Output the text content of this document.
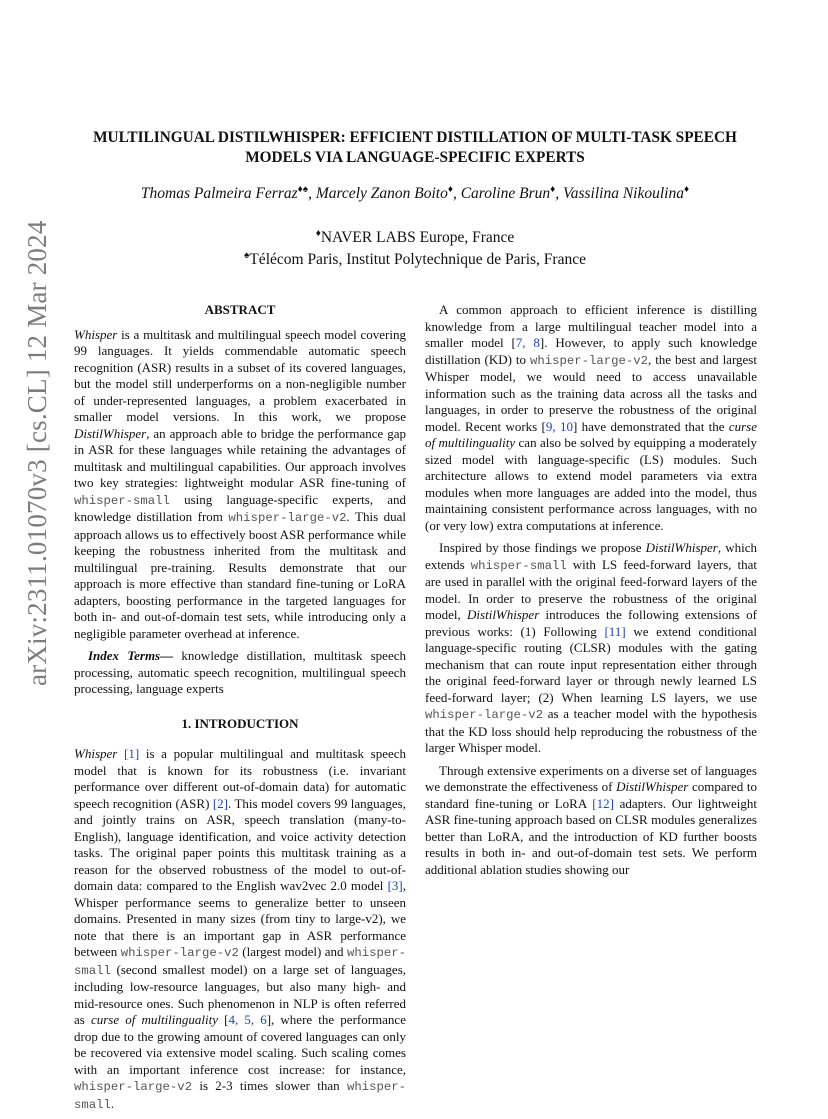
arXiv:2311.01070v3 [cs.CL] 12 Mar 2024
MULTILINGUAL DISTILWHISPER: EFFICIENT DISTILLATION OF MULTI-TASK SPEECH MODELS VIA LANGUAGE-SPECIFIC EXPERTS

Thomas Palmeira Ferraz♦♠, Marcely Zanon Boito♦, Caroline Brun♦, Vassilina Nikoulina♦

♦NAVER LABS Europe, France

♠Télécom Paris, Institut Polytechnique de Paris, France

ABSTRACT

Whisper is a multitask and multilingual speech model covering 99 languages. It yields commendable automatic speech recognition (ASR) results in a subset of its covered languages, but the model still underperforms on a non-negligible number of under-represented languages, a problem exacerbated in smaller model versions. In this work, we propose DistilWhisper, an approach able to bridge the performance gap in ASR for these languages while retaining the advantages of multitask and multilingual capabilities. Our approach involves two key strategies: lightweight modular ASR fine-tuning of whisper-small using language-specific experts, and knowledge distillation from whisper-large-v2. This dual approach allows us to effectively boost ASR performance while keeping the robustness inherited from the multitask and multilingual pre-training. Results demonstrate that our approach is more effective than standard fine-tuning or LoRA adapters, boosting performance in the targeted languages for both in- and out-of-domain test sets, while introducing only a negligible parameter overhead at inference.

Index Terms— knowledge distillation, multitask speech processing, automatic speech recognition, multilingual speech processing, language experts

1. INTRODUCTION

Whisper [1] is a popular multilingual and multitask speech model that is known for its robustness (i.e. invariant performance over different out-of-domain data) for automatic speech recognition (ASR) [2]. This model covers 99 languages, and jointly trains on ASR, speech translation (many-to-English), language identification, and voice activity detection tasks. The original paper points this multitask training as a reason for the observed robustness of the model to out-of-domain data: compared to the English wav2vec 2.0 model [3], Whisper performance seems to generalize better to unseen domains. Presented in many sizes (from tiny to large-v2), we note that there is an important gap in ASR performance between whisper-large-v2 (largest model) and whisper-small (second smallest model) on a large set of languages, including low-resource languages, but also many high- and mid-resource ones. Such phenomenon in NLP is often referred as curse of multilinguality [4, 5, 6], where the performance drop due to the growing amount of covered languages can only be recovered via extensive model scaling. Such scaling comes with an important inference cost increase: for instance, whisper-large-v2 is 2-3 times slower than whisper-small.

A common approach to efficient inference is distilling knowledge from a large multilingual teacher model into a smaller model [7, 8]. However, to apply such knowledge distillation (KD) to whisper-large-v2, the best and largest Whisper model, we would need to access unavailable information such as the training data across all the tasks and languages, in order to preserve the robustness of the original model. Recent works [9, 10] have demonstrated that the curse of multilinguality can also be solved by equipping a moderately sized model with language-specific (LS) modules. Such architecture allows to extend model parameters via extra modules when more languages are added into the model, thus maintaining consistent performance across languages, with no (or very low) extra computations at inference.

Inspired by those findings we propose DistilWhisper, which extends whisper-small with LS feed-forward layers, that are used in parallel with the original feed-forward layers of the model. In order to preserve the robustness of the original model, DistilWhisper introduces the following extensions of previous works: (1) Following [11] we extend conditional language-specific routing (CLSR) modules with the gating mechanism that can route input representation either through the original feed-forward layer or through newly learned LS feed-forward layer; (2) When learning LS layers, we use whisper-large-v2 as a teacher model with the hypothesis that the KD loss should help reproducing the robustness of the larger Whisper model.

Through extensive experiments on a diverse set of languages we demonstrate the effectiveness of DistilWhisper compared to standard fine-tuning or LoRA [12] adapters. Our lightweight ASR fine-tuning approach based on CLSR modules generalizes better than LoRA, and the introduction of KD further boosts results in both in- and out-of-domain test sets. We perform additional ablation studies showing our
